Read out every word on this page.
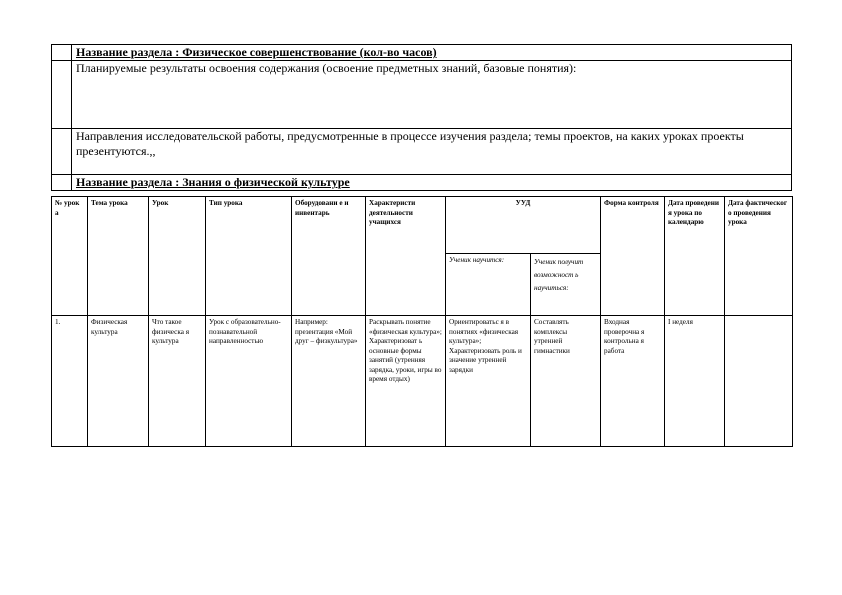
	Название раздела : Физическое совершенствование (кол-во часов)
	Планируемые результаты освоения содержания (освоение предметных знаний, базовые понятия):
	Направления исследовательской работы, предусмотренные в процессе изучения раздела; темы проектов, на каких уроках проекты презентуются.,,
	Название раздела : Знания о физической культуре
№ урок а	Тема урока	Урок	Тип урока	Оборудовани е и инвентарь	Характеристи деятельности учащихся	УУД		Форма контроля	Дата проведени я урока по календарю	Дата фактическог о проведения урока
						Ученик научится:	Ученик получит возможност ь научиться:			
1.	Физическая культура	Что такое физическа я культура	Урок с образовательно-познавательной направленностью	Например: презентация «Мой друг – физкультура»	Раскрывать понятие «физическая культура»; Характеризоват ь основные формы занятий (утренняя зарядка, уроки, игры во время отдых)	Ориентироватьс я в понятиях «физическая культура»; Характеризовать роль и значение утренней зарядки	Составлять комплексы утренней гимнастики	Входная проверочна я контрольна я работа	I неделя	
